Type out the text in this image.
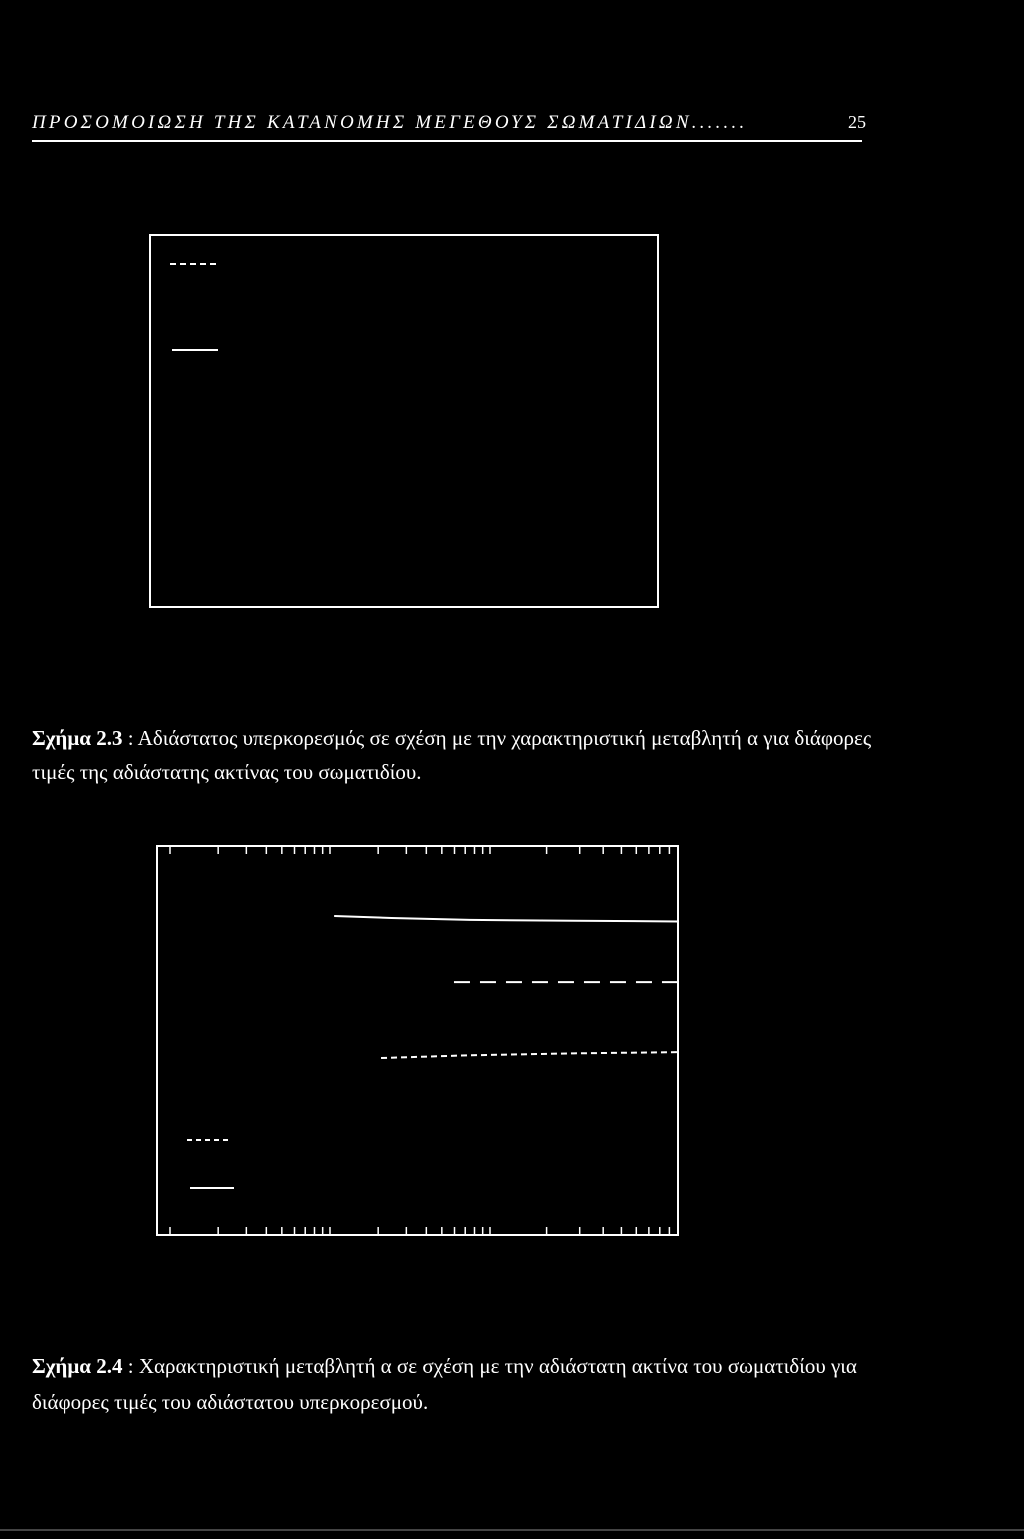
ΠΡΟΣΟΜΟΙΩΣΗ ΤΗΣ ΚΑΤΑΝΟΜΗΣ ΜΕΓΕΘΟΥΣ ΣΩΜΑΤΙΔΙΩΝ.......	25
Σχήμα 2.3 : Αδιάστατος υπερκορεσμός σε σχέση με την χαρακτηριστική μεταβλητή α για διάφορες
τιμές της αδιάστατης ακτίνας του σωματιδίου.
Σχήμα 2.4 : Χαρακτηριστική μεταβλητή α σε σχέση με την αδιάστατη ακτίνα του σωματιδίου για
διάφορες τιμές του αδιάστατου υπερκορεσμού.
